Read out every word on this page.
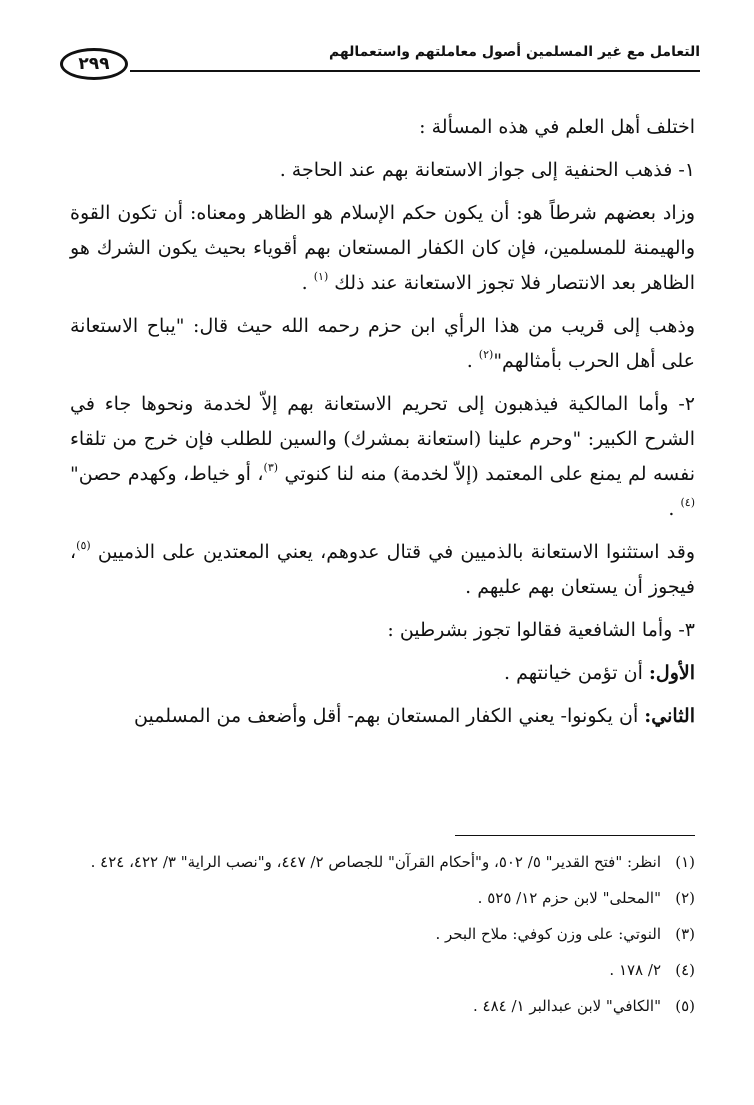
التعامل مع غير المسلمين أصول معاملتهم واستعمالهم
٢٩٩

اختلف أهل العلم في هذه المسألة :

١- فذهب الحنفية إلى جواز الاستعانة بهم عند الحاجة .

وزاد بعضهم شرطاً هو: أن يكون حكم الإسلام هو الظاهر ومعناه: أن تكون القوة والهيمنة للمسلمين، فإن كان الكفار المستعان بهم أقوياء بحيث يكون الشرك هو الظاهر بعد الانتصار فلا تجوز الاستعانة عند ذلك $^{(١)}$ .

وذهب إلى قريب من هذا الرأي ابن حزم رحمه الله حيث قال: "يباح الاستعانة على أهل الحرب بأمثالهم"$^{(٢)}$ .

٢- وأما المالكية فيذهبون إلى تحريم الاستعانة بهم إلاّ لخدمة ونحوها جاء في الشرح الكبير: "وحرم علينا (استعانة بمشرك) والسين للطلب فإن خرج من تلقاء نفسه لم يمنع على المعتمد (إلاّ لخدمة) منه لنا كنوتي $^{(٣)}$، أو خياط، وكهدم حصن"$^{(٤)}$ .

وقد استثنوا الاستعانة بالذميين في قتال عدوهم، يعني المعتدين على الذميين $^{(٥)}$، فيجوز أن يستعان بهم عليهم .

٣- وأما الشافعية فقالوا تجوز بشرطين :

الأول: أن تؤمن خيانتهم .

الثاني: أن يكونوا- يعني الكفار المستعان بهم- أقل وأضعف من المسلمين

(١)
انظر: "فتح القدير" ٥/ ٥٠٢، و"أحكام القرآن" للجصاص ٢/ ٤٤٧، و"نصب الراية" ٣/ ٤٢٢، ٤٢٤ .
(٢)
"المحلى" لابن حزم ١٢/ ٥٢٥ .
(٣)
النوتي: على وزن كوفي: ملاح البحر .
(٤)
٢/ ١٧٨ .
(٥)
"الكافي" لابن عبدالبر ١/ ٤٨٤ .
